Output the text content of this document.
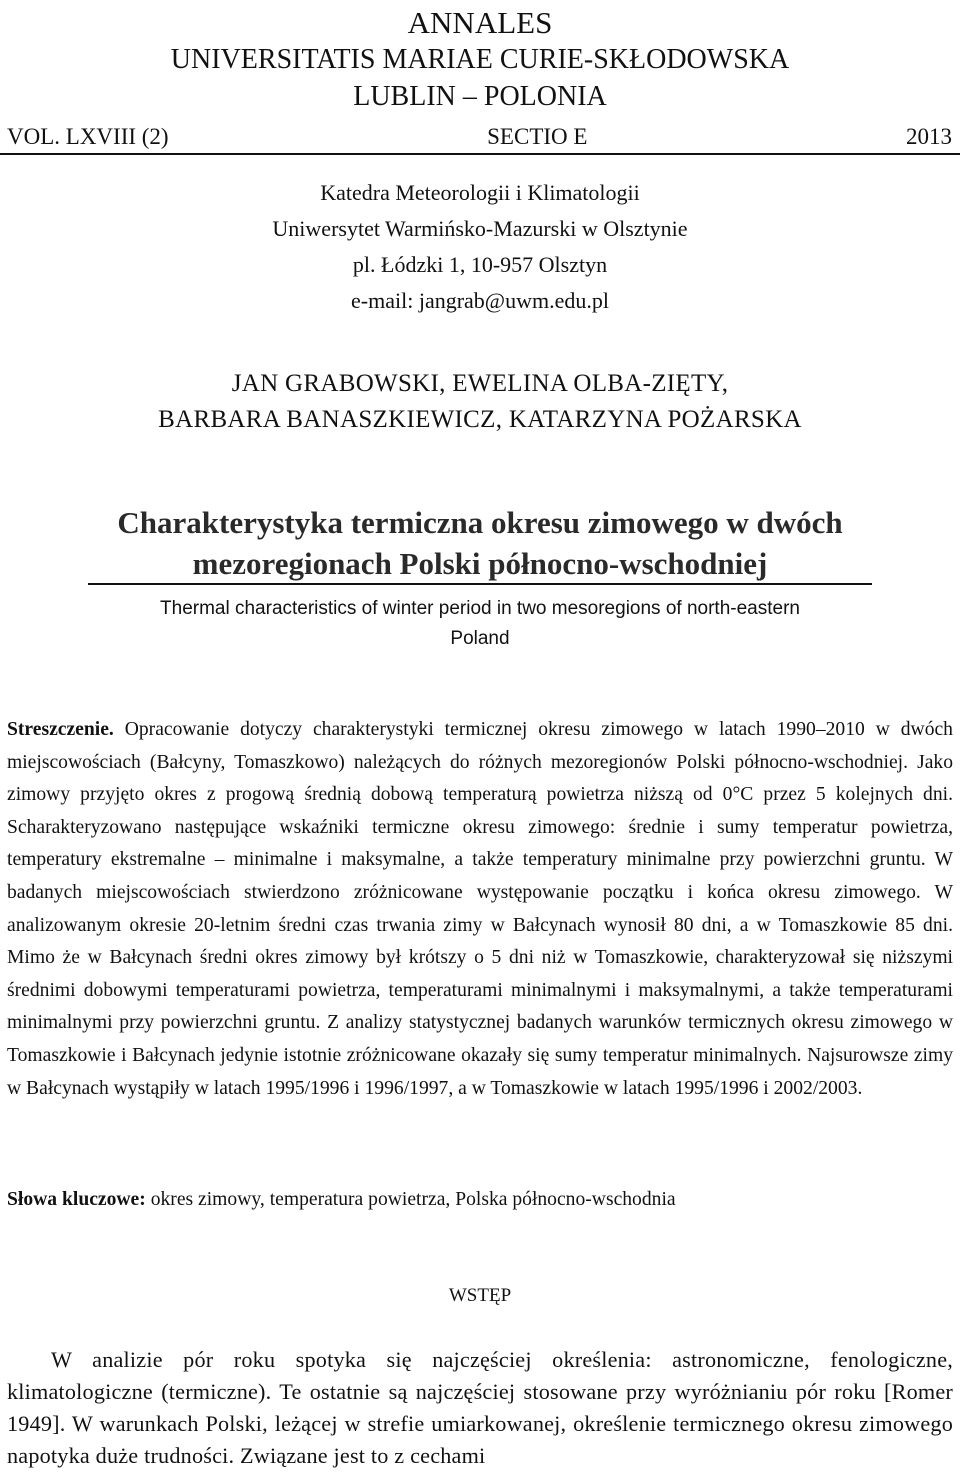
ANNALES
UNIVERSITATIS MARIAE CURIE-SKŁODOWSKA
LUBLIN – POLONIA
VOL. LXVIII (2)	SECTIO E	2013
Katedra Meteorologii i Klimatologii
Uniwersytet Warmińsko-Mazurski w Olsztynie
pl. Łódzki 1, 10-957 Olsztyn
e-mail: jangrab@uwm.edu.pl
JAN GRABOWSKI, EWELINA OLBA-ZIĘTY,
BARBARA BANASZKIEWICZ, KATARZYNA POŻARSKA
Charakterystyka termiczna okresu zimowego w dwóch
mezoregionach Polski północno-wschodniej
Thermal characteristics of winter period in two mesoregions of north-eastern
Poland

Streszczenie. Opracowanie dotyczy charakterystyki termicznej okresu zimowego w latach 1990–2010 w dwóch miejscowościach (Bałcyny, Tomaszkowo) należących do różnych mezoregionów Polski północno-wschodniej. Jako zimowy przyjęto okres z progową średnią dobową temperaturą powietrza niższą od 0°C przez 5 kolejnych dni. Scharakteryzowano następujące wskaźniki termiczne okresu zimowego: średnie i sumy temperatur powietrza, temperatury ekstremalne – minimalne i maksymalne, a także temperatury minimalne przy powierzchni gruntu. W badanych miejscowościach stwierdzono zróżnicowane występowanie początku i końca okresu zimowego. W analizowanym okresie 20-letnim średni czas trwania zimy w Bałcynach wynosił 80 dni, a w Tomaszkowie 85 dni. Mimo że w Bałcynach średni okres zimowy był krótszy o 5 dni niż w Tomaszkowie, charakteryzował się niższymi średnimi dobowymi temperaturami powietrza, temperaturami minimalnymi i maksymalnymi, a także temperaturami minimalnymi przy powierzchni gruntu. Z analizy statystycznej badanych warunków termicznych okresu zimowego w Tomaszkowie i Bałcynach jedynie istotnie zróżnicowane okazały się sumy temperatur minimalnych. Najsurowsze zimy w Bałcynach wystąpiły w latach 1995/1996 i 1996/1997, a w Tomaszkowie w latach 1995/1996 i 2002/2003.

Słowa kluczowe: okres zimowy, temperatura powietrza, Polska północno-wschodnia

WSTĘP

W analizie pór roku spotyka się najczęściej określenia: astronomiczne, fenologiczne, klimatologiczne (termiczne). Te ostatnie są najczęściej stosowane przy wyróżnianiu pór roku [Romer 1949]. W warunkach Polski, leżącej w strefie umiarkowanej, określenie termicznego okresu zimowego napotyka duże trudności. Związane jest to z cechami
